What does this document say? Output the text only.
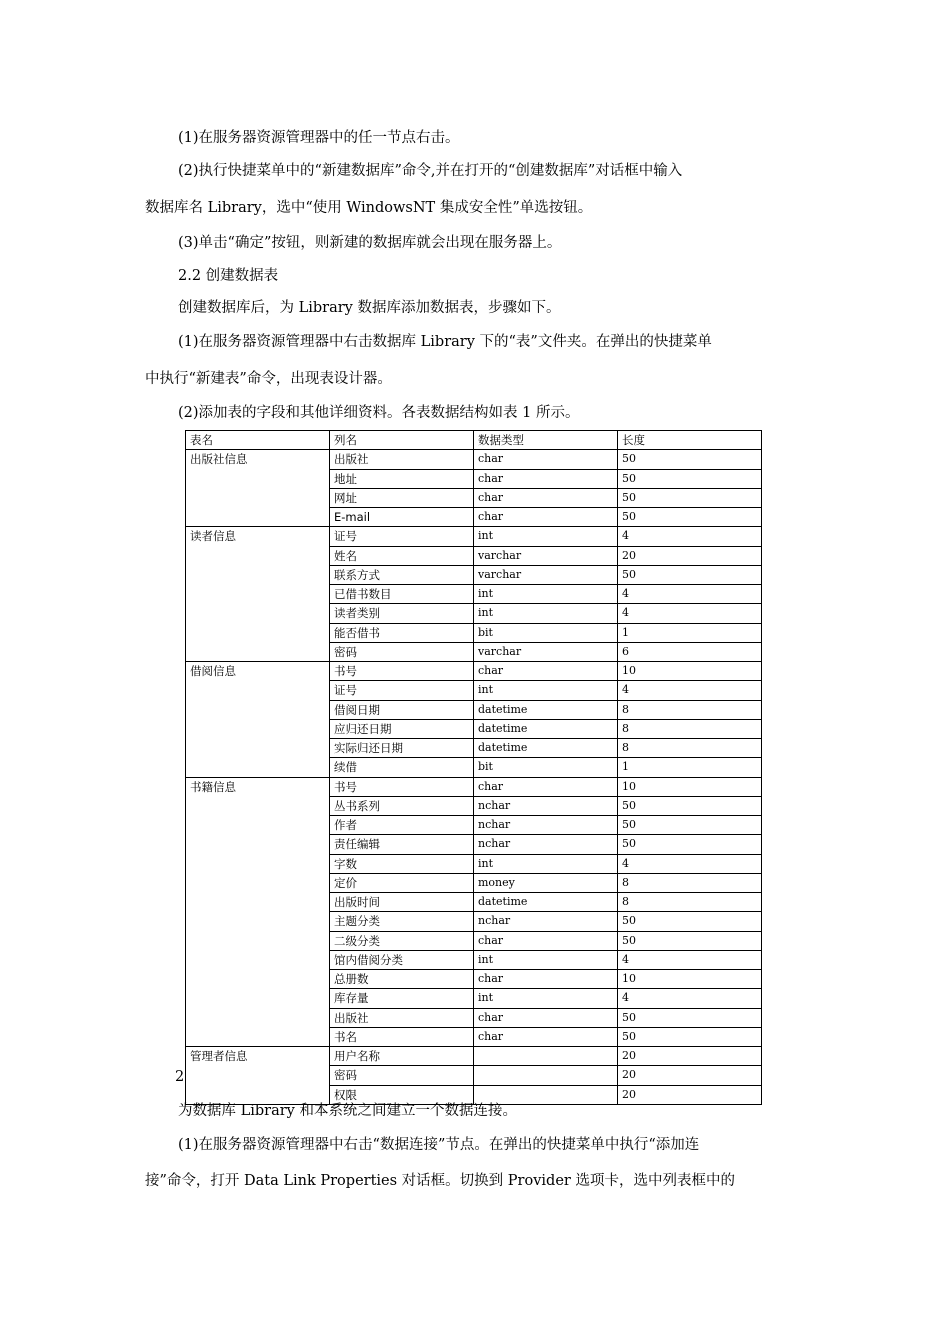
(1)在服务器资源管理器中的任一节点右击。
(2)执行快捷菜单中的“新建数据库”命令,并在打开的“创建数据库”对话框中输入
数据库名 Library，选中“使用 WindowsNT 集成安全性”单选按钮。
(3)单击“确定”按钮，则新建的数据库就会出现在服务器上。
2.2 创建数据表
创建数据库后，为 Library 数据库添加数据表，步骤如下。
(1)在服务器资源管理器中右击数据库 Library 下的“表”文件夹。在弹出的快捷菜单
中执行“新建表”命令，出现表设计器。
(2)添加表的字段和其他详细资料。各表数据结构如表 1 所示。
表名	列名	数据类型	长度
出版社信息	出版社	char	50
	地址	char	50
	网址	char	50
	E-mail	char	50
读者信息	证号	int	4
	姓名	varchar	20
	联系方式	varchar	50
	已借书数目	int	4
	读者类别	int	4
	能否借书	bit	1
	密码	varchar	6
借阅信息	书号	char	10
	证号	int	4
	借阅日期	datetime	8
	应归还日期	datetime	8
	实际归还日期	datetime	8
	续借	bit	1
书籍信息	书号	char	10
	丛书系列	nchar	50
	作者	nchar	50
	责任编辑	nchar	50
	字数	int	4
	定价	money	8
	出版时间	datetime	8
	主题分类	nchar	50
	二级分类	char	50
	馆内借阅分类	int	4
	总册数	char	10
	库存量	int	4
	出版社	char	50
	书名	char	50
管理者信息	用户名称		20
	密码		20
	权限		20
2
为数据库 Library 和本系统之间建立一个数据连接。
(1)在服务器资源管理器中右击“数据连接”节点。在弹出的快捷菜单中执行“添加连
接”命令，打开 Data Link Properties 对话框。切换到 Provider 选项卡，选中列表框中的
